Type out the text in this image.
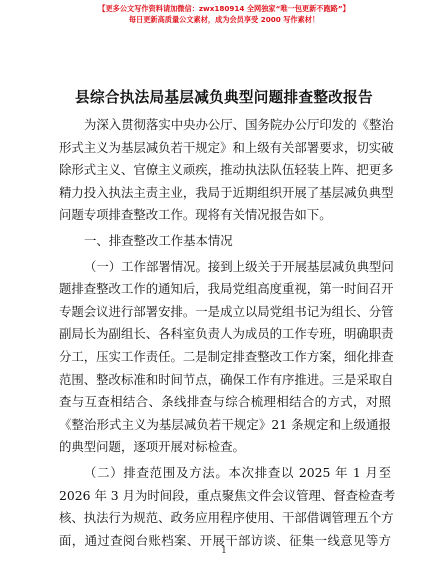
【更多公文写作资料请加微信：zwx180914 全网独家“唯一包更新不跑路”】
每日更新高质量公文素材，成为会员享受 2000 写作素材！
县综合执法局基层减负典型问题排查整改报告
为深入贯彻落实中央办公厅、国务院办公厅印发的《整治
形式主义为基层减负若干规定》和上级有关部署要求，切实破
除形式主义、官僚主义顽疾，推动执法队伍轻装上阵、把更多
精力投入执法主责主业，我局于近期组织开展了基层减负典型
问题专项排查整改工作。现将有关情况报告如下。
一、排查整改工作基本情况
（一）工作部署情况。接到上级关于开展基层减负典型问
题排查整改工作的通知后，我局党组高度重视，第一时间召开
专题会议进行部署安排。一是成立以局党组书记为组长、分管
副局长为副组长、各科室负责人为成员的工作专班，明确职责
分工，压实工作责任。二是制定排查整改工作方案，细化排查
范围、整改标准和时间节点，确保工作有序推进。三是采取自
查与互查相结合、条线排查与综合梳理相结合的方式，对照
《整治形式主义为基层减负若干规定》21 条规定和上级通报
的典型问题，逐项开展对标检查。
（二）排查范围及方法。本次排查以 2025 年 1 月至
2026 年 3 月为时间段，重点聚焦文件会议管理、督查检查考
核、执法行为规范、政务应用程序使用、干部借调管理五个方
面，通过查阅台账档案、开展干部访谈、征集一线意见等方
1
